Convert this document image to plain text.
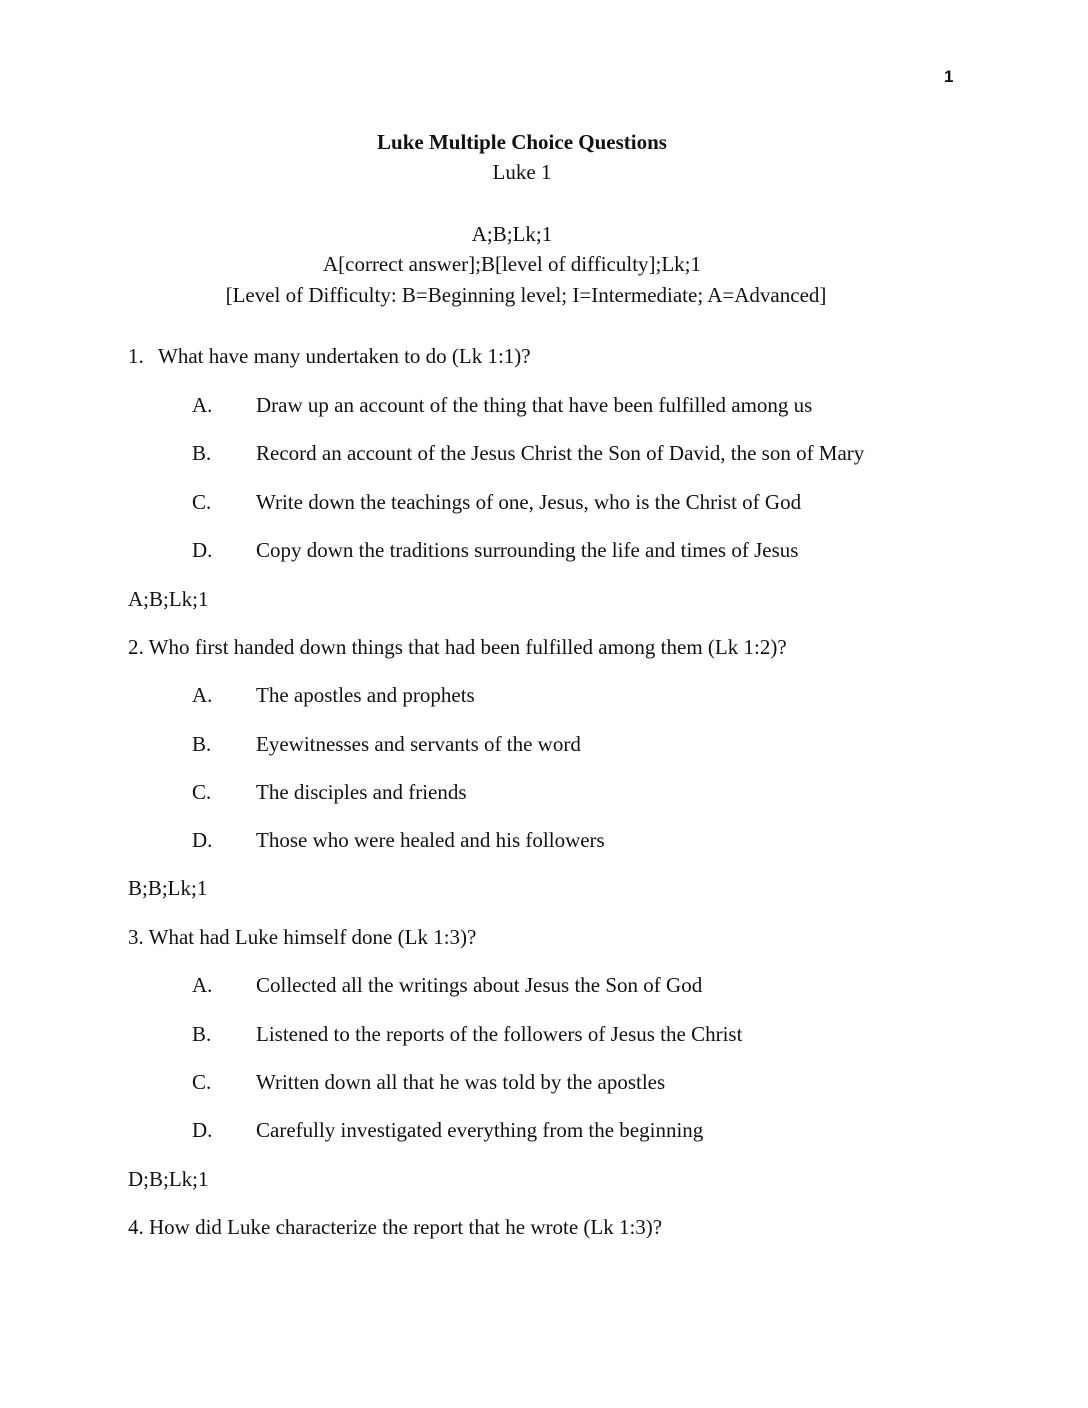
1
Luke Multiple Choice Questions
Luke 1
A;B;Lk;1
A[correct answer];B[level of difficulty];Lk;1
[Level of Difficulty: B=Beginning level; I=Intermediate; A=Advanced]
1. What have many undertaken to do (Lk 1:1)?
A. Draw up an account of the thing that have been fulfilled among us
B. Record an account of the Jesus Christ the Son of David, the son of Mary
C. Write down the teachings of one, Jesus, who is the Christ of God
D. Copy down the traditions surrounding the life and times of Jesus
A;B;Lk;1
2. Who first handed down things that had been fulfilled among them (Lk 1:2)?
A. The apostles and prophets
B. Eyewitnesses and servants of the word
C. The disciples and friends
D. Those who were healed and his followers
B;B;Lk;1
3. What had Luke himself done (Lk 1:3)?
A. Collected all the writings about Jesus the Son of God
B. Listened to the reports of the followers of Jesus the Christ
C. Written down all that he was told by the apostles
D. Carefully investigated everything from the beginning
D;B;Lk;1
4. How did Luke characterize the report that he wrote (Lk 1:3)?
